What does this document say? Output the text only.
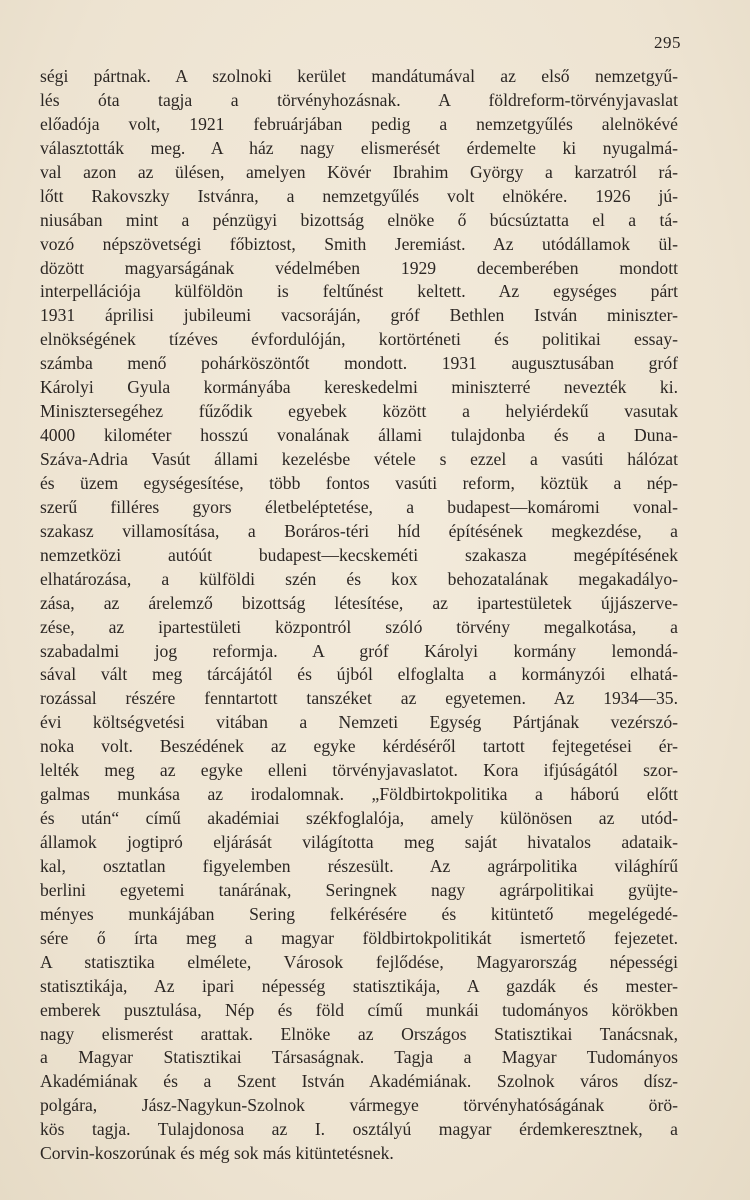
295
ségi pártnak. A szolnoki kerület mandátumával az első nemzetgyű-
lés óta tagja a törvényhozásnak. A földreform-törvényjavaslat
előadója volt, 1921 februárjában pedig a nemzetgyűlés alelnökévé
választották meg. A ház nagy elismerését érdemelte ki nyugalmá-
val azon az ülésen, amelyen Kövér Ibrahim György a karzatról rá-
lőtt Rakovszky Istvánra, a nemzetgyűlés volt elnökére. 1926 jú-
niusában mint a pénzügyi bizottság elnöke ő búcsúztatta el a tá-
vozó népszövetségi főbiztost, Smith Jeremiást. Az utódállamok ül-
dözött magyarságának védelmében 1929 decemberében mondott
interpellációja külföldön is feltűnést keltett. Az egységes párt
1931 áprilisi jubileumi vacsoráján, gróf Bethlen István miniszter-
elnökségének tízéves évfordulóján, kortörténeti és politikai essay-
számba menő pohárköszöntőt mondott. 1931 augusztusában gróf
Károlyi Gyula kormányába kereskedelmi miniszterré nevezték ki.
Minisztersegéhez fűződik egyebek között a helyiérdekű vasutak
4000 kilométer hosszú vonalának állami tulajdonba és a Duna-
Száva-Adria Vasút állami kezelésbe vétele s ezzel a vasúti hálózat
és üzem egységesítése, több fontos vasúti reform, köztük a nép-
szerű filléres gyors életbeléptetése, a budapest—komáromi vonal-
szakasz villamosítása, a Boráros-téri híd építésének megkezdése, a
nemzetközi autóút budapest—kecskeméti szakasza megépítésének
elhatározása, a külföldi szén és kox behozatalának megakadályo-
zása, az árelemző bizottság létesítése, az ipartestületek újjászerve-
zése, az ipartestületi központról szóló törvény megalkotása, a
szabadalmi jog reformja. A gróf Károlyi kormány lemondá-
sával vált meg tárcájától és újból elfoglalta a kormányzói elhatá-
rozással részére fenntartott tanszéket az egyetemen. Az 1934—35.
évi költségvetési vitában a Nemzeti Egység Pártjának vezérszó-
noka volt. Beszédének az egyke kérdéséről tartott fejtegetései ér-
lelték meg az egyke elleni törvényjavaslatot. Kora ifjúságától szor-
galmas munkása az irodalomnak. „Földbirtokpolitika a háború előtt
és után“ című akadémiai székfoglalója, amely különösen az utód-
államok jogtipró eljárását világította meg saját hivatalos adataik-
kal, osztatlan figyelemben részesült. Az agrárpolitika világhírű
berlini egyetemi tanárának, Seringnek nagy agrárpolitikai gyüjte-
ményes munkájában Sering felkérésére és kitüntető megelégedé-
sére ő írta meg a magyar földbirtokpolitikát ismertető fejezetet.
A statisztika elmélete, Városok fejlődése, Magyarország népességi
statisztikája, Az ipari népesség statisztikája, A gazdák és mester-
emberek pusztulása, Nép és föld című munkái tudományos körökben
nagy elismerést arattak. Elnöke az Országos Statisztikai Tanácsnak,
a Magyar Statisztikai Társaságnak. Tagja a Magyar Tudományos
Akadémiának és a Szent István Akadémiának. Szolnok város dísz-
polgára, Jász-Nagykun-Szolnok vármegye törvényhatóságának örö-
kös tagja. Tulajdonosa az I. osztályú magyar érdemkeresztnek, a
Corvin-koszorúnak és még sok más kitüntetésnek.
